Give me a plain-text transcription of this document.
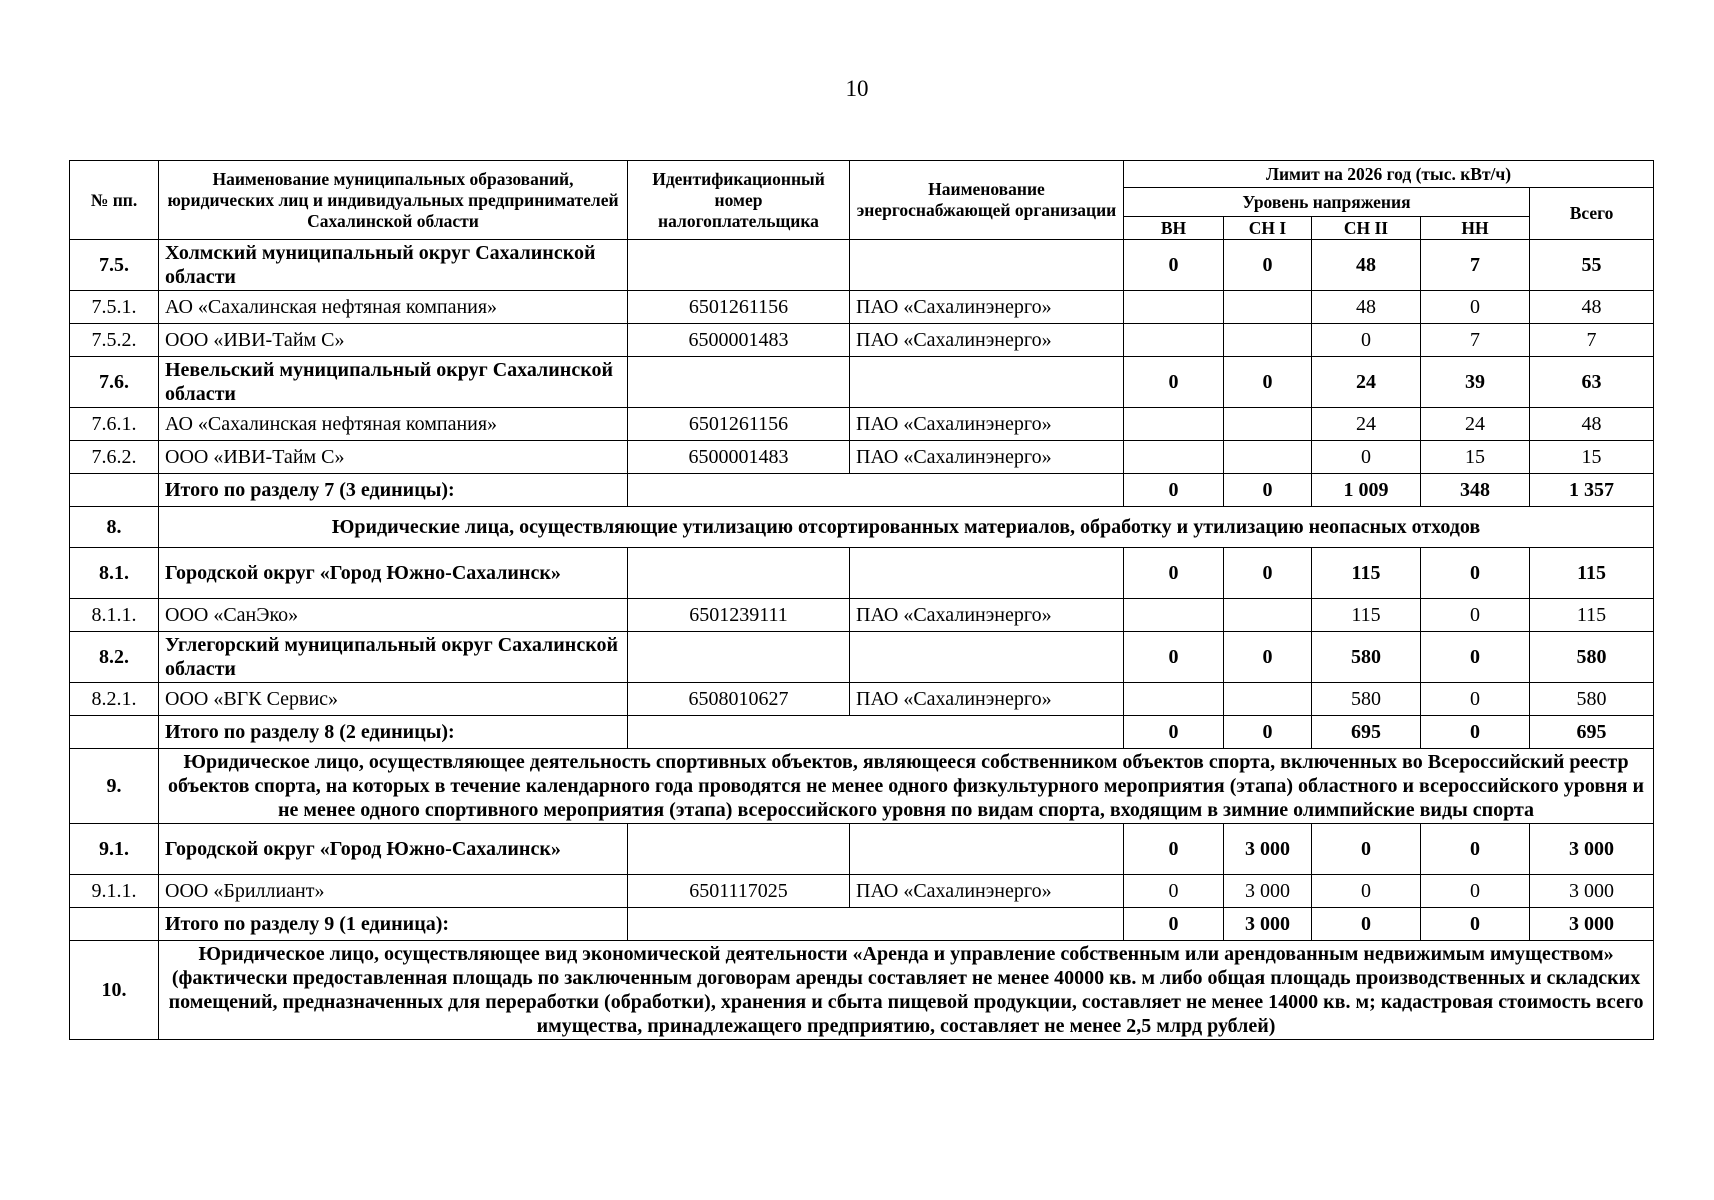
10
№ пп.	Наименование муниципальных образований, юридических лиц и индивидуальных предпринимателей Сахалинской области	Идентификационный номер налогоплательщика	Наименование энергоснабжающей организации	Лимит на 2026 год (тыс. кВт/ч)				
				Уровень напряжения				Всего
				ВН	СН I	СН II	НН	
7.5.	Холмский муниципальный округ Сахалинской области			0	0	48	7	55
7.5.1.	АО «Сахалинская нефтяная компания»	6501261156	ПАО «Сахалинэнерго»			48	0	48
7.5.2.	ООО «ИВИ-Тайм С»	6500001483	ПАО «Сахалинэнерго»			0	7	7
7.6.	Невельский муниципальный округ Сахалинской области			0	0	24	39	63
7.6.1.	АО «Сахалинская нефтяная компания»	6501261156	ПАО «Сахалинэнерго»			24	24	48
7.6.2.	ООО «ИВИ-Тайм С»	6500001483	ПАО «Сахалинэнерго»			0	15	15
	Итого по разделу 7 (3 единицы):			0	0	1 009	348	1 357
8.	Юридические лица, осуществляющие утилизацию отсортированных материалов, обработку и утилизацию неопасных отходов							
8.1.	Городской округ «Город Южно-Сахалинск»			0	0	115	0	115
8.1.1.	ООО «СанЭко»	6501239111	ПАО «Сахалинэнерго»			115	0	115
8.2.	Углегорский муниципальный округ Сахалинской области			0	0	580	0	580
8.2.1.	ООО «ВГК Сервис»	6508010627	ПАО «Сахалинэнерго»			580	0	580
	Итого по разделу 8 (2 единицы):			0	0	695	0	695
9.	Юридическое лицо, осуществляющее деятельность спортивных объектов, являющееся собственником объектов спорта, включенных во Всероссийский реестр объектов спорта, на которых в течение календарного года проводятся не менее одного физкультурного мероприятия (этапа) областного и всероссийского уровня и не менее одного спортивного мероприятия (этапа) всероссийского уровня по видам спорта, входящим в зимние олимпийские виды спорта							
9.1.	Городской округ «Город Южно-Сахалинск»			0	3 000	0	0	3 000
9.1.1.	ООО «Бриллиант»	6501117025	ПАО «Сахалинэнерго»	0	3 000	0	0	3 000
	Итого по разделу 9 (1 единица):			0	3 000	0	0	3 000
10.	Юридическое лицо, осуществляющее вид экономической деятельности «Аренда и управление собственным или арендованным недвижимым имуществом» (фактически предоставленная площадь по заключенным договорам аренды составляет не менее 40000 кв. м либо общая площадь производственных и складских помещений, предназначенных для переработки (обработки), хранения и сбыта пищевой продукции, составляет не менее 14000 кв. м; кадастровая стоимость всего имущества, принадлежащего предприятию, составляет не менее 2,5 млрд рублей)							
